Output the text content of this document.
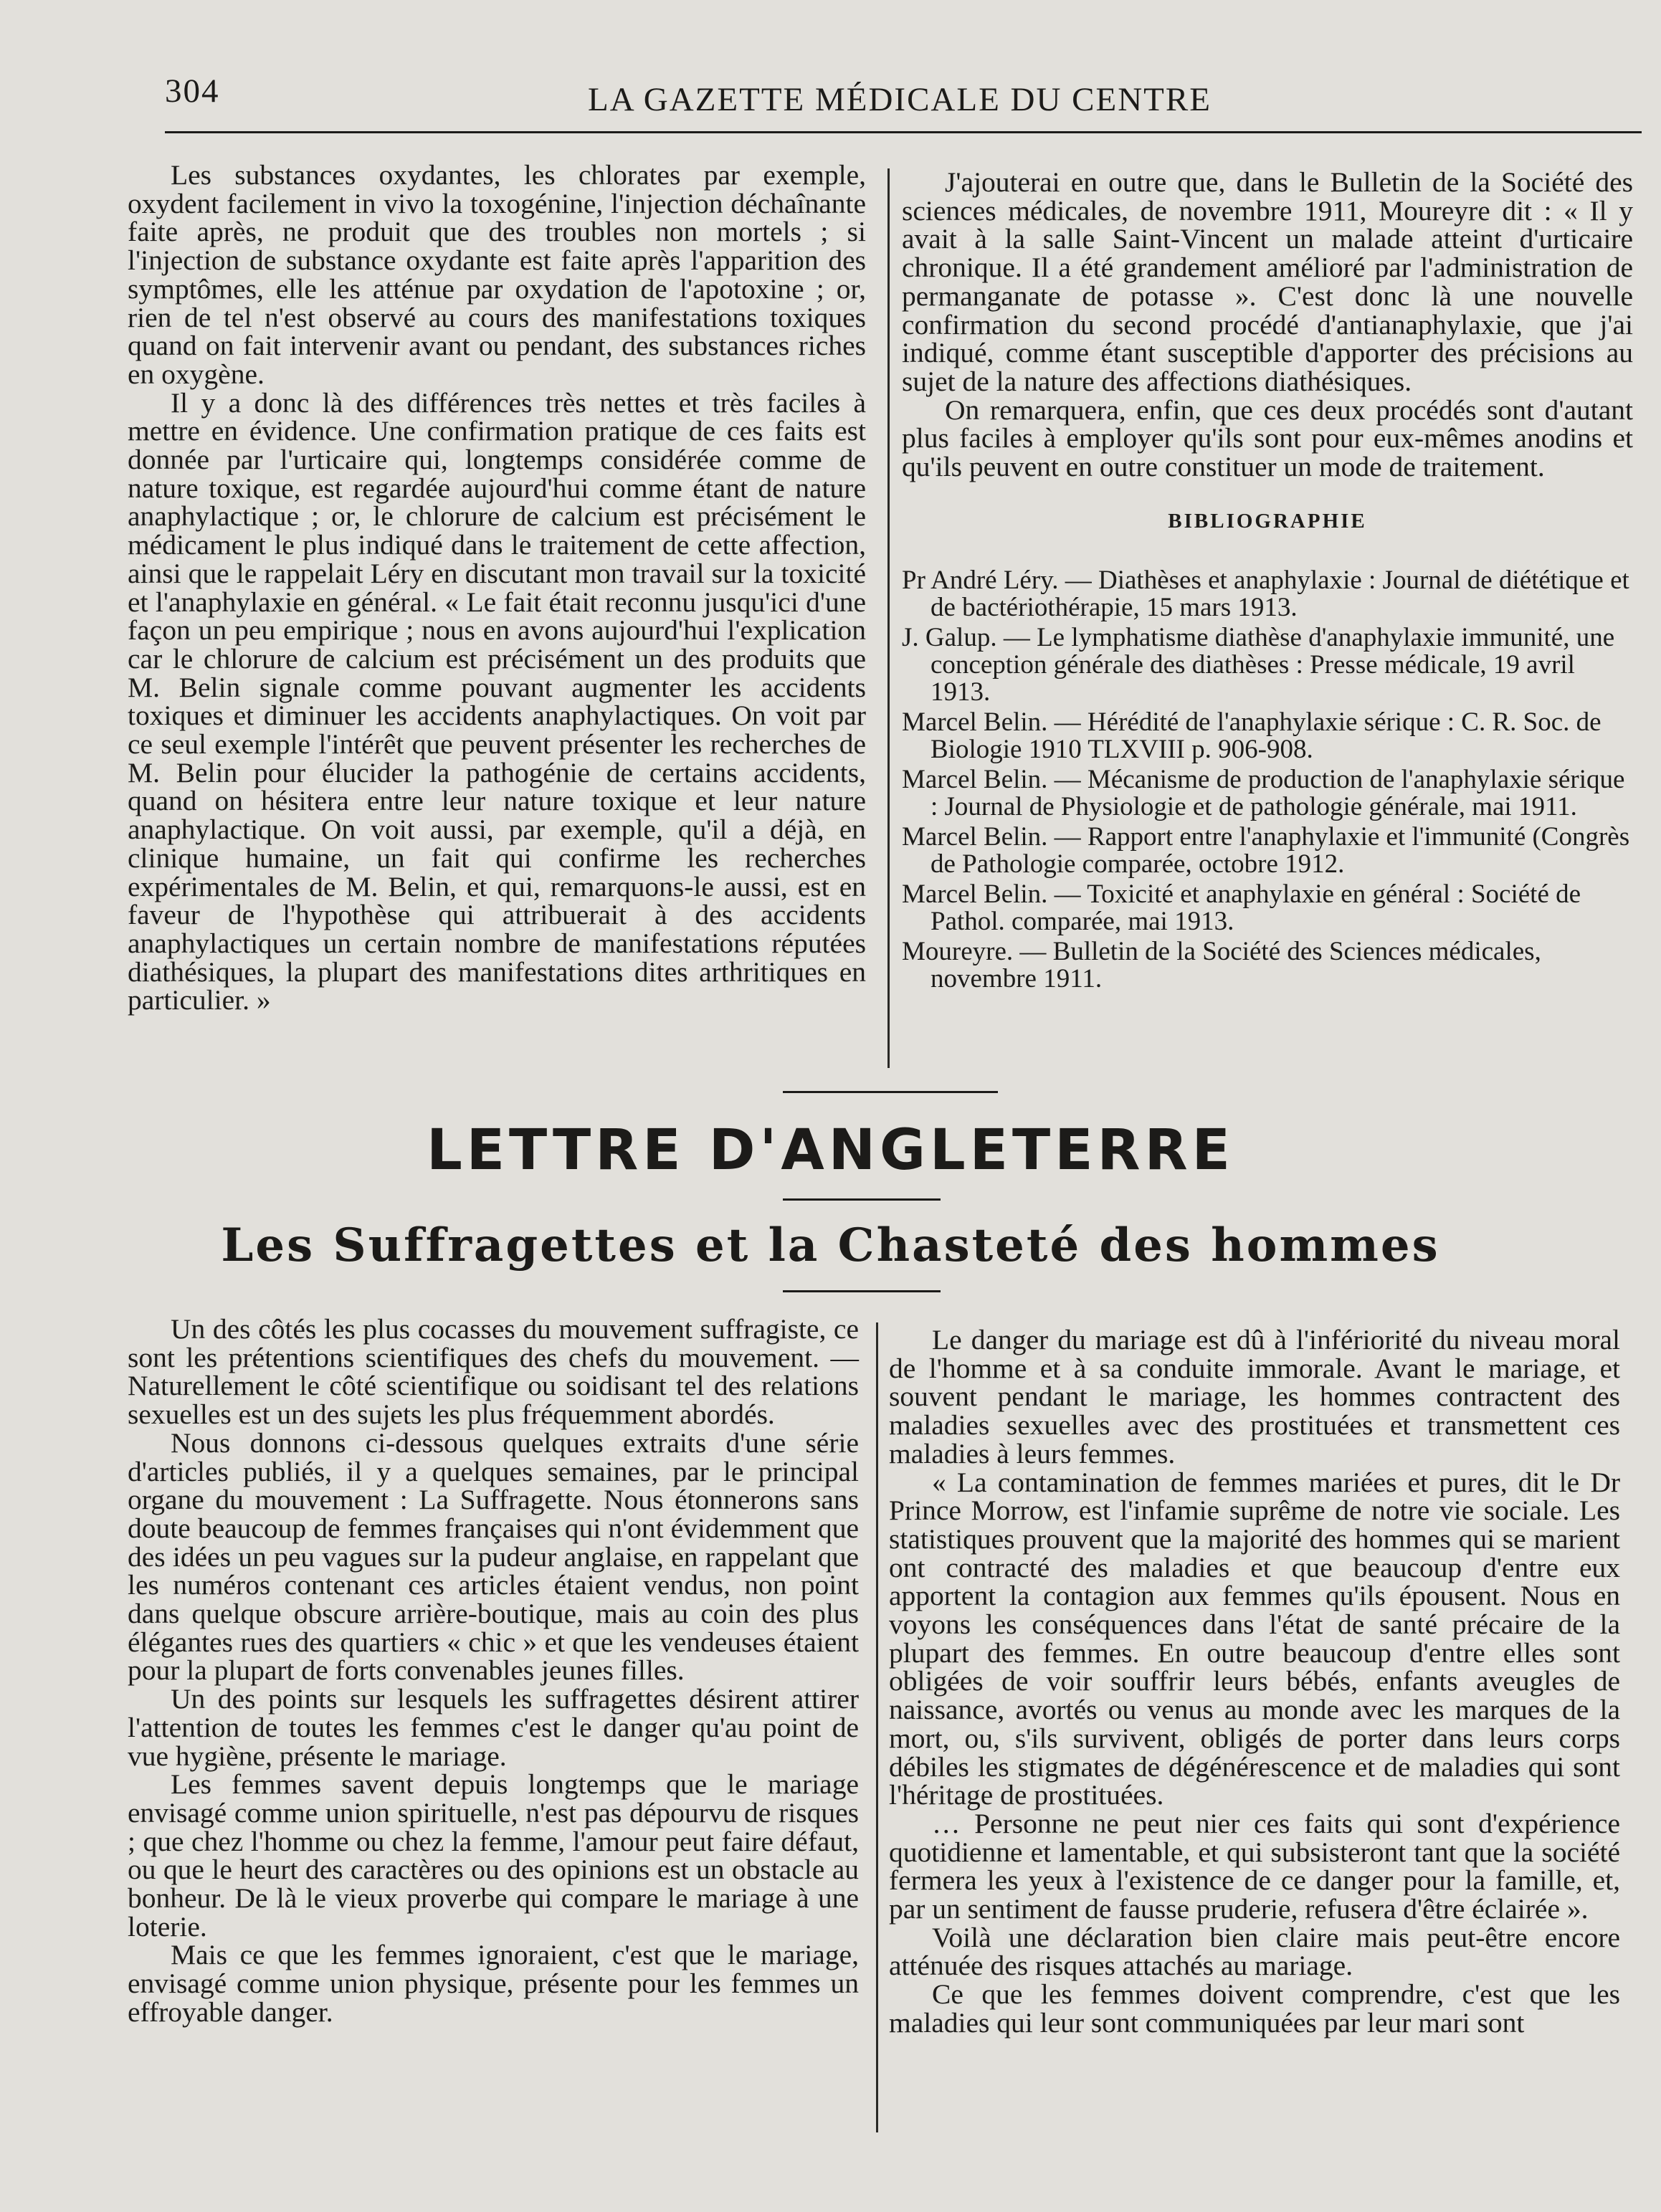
304	LA GAZETTE MÉDICALE DU CENTRE

Les substances oxydantes, les chlorates par exemple, oxydent facilement in vivo la toxogénine, l'injection déchaînante faite après, ne produit que des troubles non mortels ; si l'injection de substance oxydante est faite après l'apparition des symptômes, elle les atténue par oxydation de l'apotoxine ; or, rien de tel n'est observé au cours des manifestations toxiques quand on fait intervenir avant ou pendant, des substances riches en oxygène.

Il y a donc là des différences très nettes et très faciles à mettre en évidence. Une confirmation pratique de ces faits est donnée par l'urticaire qui, longtemps considérée comme de nature toxique, est regardée aujourd'hui comme étant de nature anaphylactique ; or, le chlorure de calcium est précisément le médicament le plus indiqué dans le traitement de cette affection, ainsi que le rappelait Léry en discutant mon travail sur la toxicité et l'anaphylaxie en général. « Le fait était reconnu jusqu'ici d'une façon un peu empirique ; nous en avons aujourd'hui l'explication car le chlorure de calcium est précisément un des produits que M. Belin signale comme pouvant augmenter les accidents toxiques et diminuer les accidents anaphylactiques. On voit par ce seul exemple l'intérêt que peuvent présenter les recherches de M. Belin pour élucider la pathogénie de certains accidents, quand on hésitera entre leur nature toxique et leur nature anaphylactique. On voit aussi, par exemple, qu'il a déjà, en clinique humaine, un fait qui confirme les recherches expérimentales de M. Belin, et qui, remarquons-le aussi, est en faveur de l'hypothèse qui attribuerait à des accidents anaphylactiques un certain nombre de manifestations réputées diathésiques, la plupart des manifestations dites arthritiques en particulier. »

J'ajouterai en outre que, dans le Bulletin de la Société des sciences médicales, de novembre 1911, Moureyre dit : « Il y avait à la salle Saint-Vincent un malade atteint d'urticaire chronique. Il a été grandement amélioré par l'administration de permanganate de potasse ». C'est donc là une nouvelle confirmation du second procédé d'antianaphylaxie, que j'ai indiqué, comme étant susceptible d'apporter des précisions au sujet de la nature des affections diathésiques.

On remarquera, enfin, que ces deux procédés sont d'autant plus faciles à employer qu'ils sont pour eux-mêmes anodins et qu'ils peuvent en outre constituer un mode de traitement.

BIBLIOGRAPHIE

Pr André Léry. — Diathèses et anaphylaxie : Journal de diététique et de bactériothérapie, 15 mars 1913.

J. Galup. — Le lymphatisme diathèse d'anaphylaxie immunité, une conception générale des diathèses : Presse médicale, 19 avril 1913.

Marcel Belin. — Hérédité de l'anaphylaxie sérique : C. R. Soc. de Biologie 1910 TLXVIII p. 906-908.

Marcel Belin. — Mécanisme de production de l'anaphylaxie sérique : Journal de Physiologie et de pathologie générale, mai 1911.

Marcel Belin. — Rapport entre l'anaphylaxie et l'immunité (Congrès de Pathologie comparée, octobre 1912.

Marcel Belin. — Toxicité et anaphylaxie en général : Société de Pathol. comparée, mai 1913.

Moureyre. — Bulletin de la Société des Sciences médicales, novembre 1911.

LETTRE D'ANGLETERRE
Les Suffragettes et la Chasteté des hommes

Un des côtés les plus cocasses du mouvement suffragiste, ce sont les prétentions scientifiques des chefs du mouvement. — Naturellement le côté scientifique ou soidisant tel des relations sexuelles est un des sujets les plus fréquemment abordés.

Nous donnons ci-dessous quelques extraits d'une série d'articles publiés, il y a quelques semaines, par le principal organe du mouvement : La Suffragette. Nous étonnerons sans doute beaucoup de femmes françaises qui n'ont évidemment que des idées un peu vagues sur la pudeur anglaise, en rappelant que les numéros contenant ces articles étaient vendus, non point dans quelque obscure arrière-boutique, mais au coin des plus élégantes rues des quartiers « chic » et que les vendeuses étaient pour la plupart de forts convenables jeunes filles.

Un des points sur lesquels les suffragettes désirent attirer l'attention de toutes les femmes c'est le danger qu'au point de vue hygiène, présente le mariage.

Les femmes savent depuis longtemps que le mariage envisagé comme union spirituelle, n'est pas dépourvu de risques ; que chez l'homme ou chez la femme, l'amour peut faire défaut, ou que le heurt des caractères ou des opinions est un obstacle au bonheur. De là le vieux proverbe qui compare le mariage à une loterie.

Mais ce que les femmes ignoraient, c'est que le mariage, envisagé comme union physique, présente pour les femmes un effroyable danger.

Le danger du mariage est dû à l'infériorité du niveau moral de l'homme et à sa conduite immorale. Avant le mariage, et souvent pendant le mariage, les hommes contractent des maladies sexuelles avec des prostituées et transmettent ces maladies à leurs femmes.

« La contamination de femmes mariées et pures, dit le Dr Prince Morrow, est l'infamie suprême de notre vie sociale. Les statistiques prouvent que la majorité des hommes qui se marient ont contracté des maladies et que beaucoup d'entre eux apportent la contagion aux femmes qu'ils épousent. Nous en voyons les conséquences dans l'état de santé précaire de la plupart des femmes. En outre beaucoup d'entre elles sont obligées de voir souffrir leurs bébés, enfants aveugles de naissance, avortés ou venus au monde avec les marques de la mort, ou, s'ils survivent, obligés de porter dans leurs corps débiles les stigmates de dégénérescence et de maladies qui sont l'héritage de prostituées.

… Personne ne peut nier ces faits qui sont d'expérience quotidienne et lamentable, et qui subsisteront tant que la société fermera les yeux à l'existence de ce danger pour la famille, et, par un sentiment de fausse pruderie, refusera d'être éclairée ».

Voilà une déclaration bien claire mais peut-être encore atténuée des risques attachés au mariage.

Ce que les femmes doivent comprendre, c'est que les maladies qui leur sont communiquées par leur mari sont
